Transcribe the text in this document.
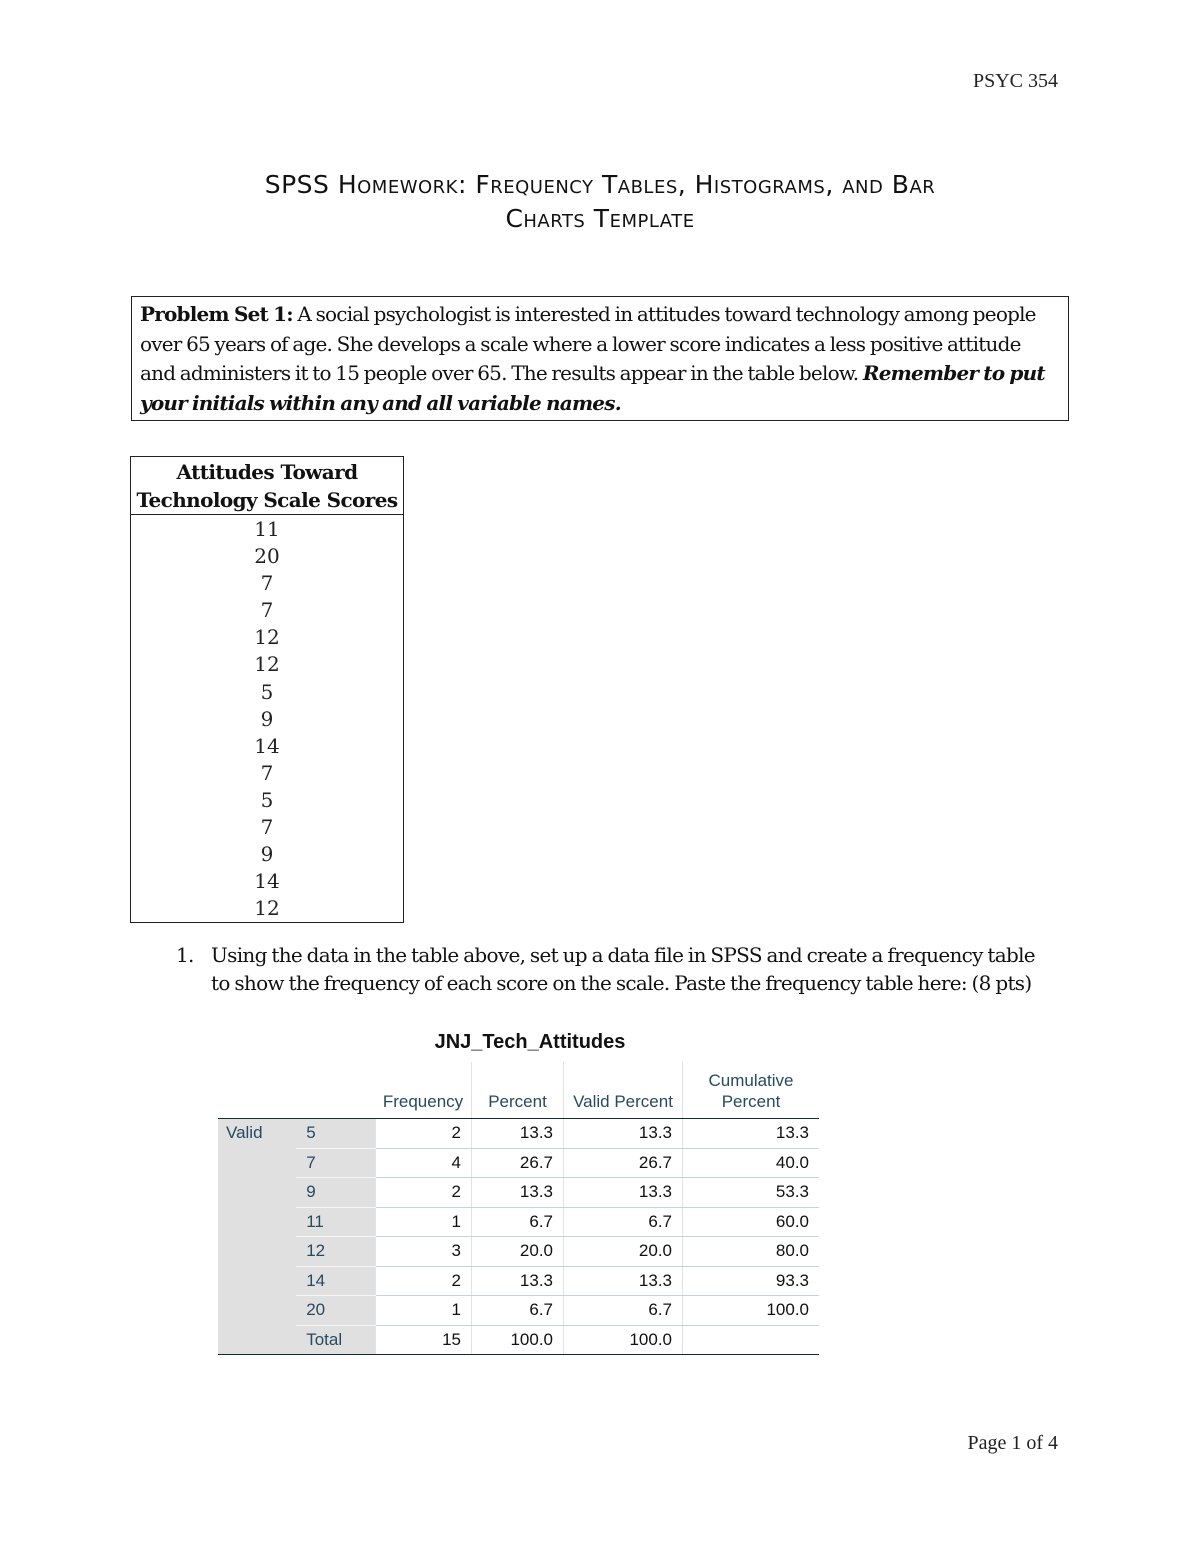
PSYC 354
SPSS Homework: Frequency Tables, Histograms, and Bar
Charts Template
Problem Set 1: A social psychologist is interested in attitudes toward technology among people over 65 years of age. She develops a scale where a lower score indicates a less positive attitude and administers it to 15 people over 65. The results appear in the table below. Remember to put your initials within any and all variable names.
Attitudes Toward
Technology Scale Scores
11
20
7
7
12
12
5
9
14
7
5
7
9
14
12
1. Using the data in the table above, set up a data file in SPSS and create a frequency table to show the frequency of each score on the scale. Paste the frequency table here: (8 pts)
JNJ_Tech_Attitudes
		Frequency	Percent	Valid Percent	Cumulative Percent
Valid	5	2	13.3	13.3	13.3
	7	4	26.7	26.7	40.0
	9	2	13.3	13.3	53.3
	11	1	6.7	6.7	60.0
	12	3	20.0	20.0	80.0
	14	2	13.3	13.3	93.3
	20	1	6.7	6.7	100.0
	Total	15	100.0	100.0	
Page 1 of 4
